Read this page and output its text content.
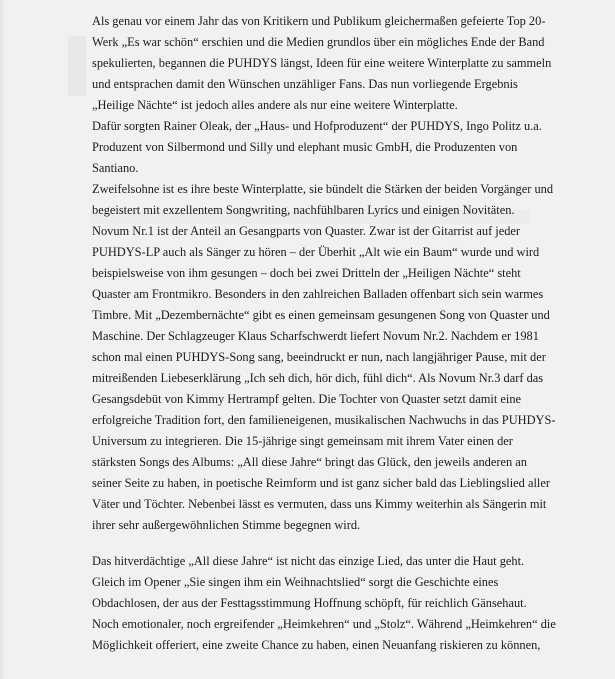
Als genau vor einem Jahr das von Kritikern und Publikum gleichermaßen gefeierte Top 20-
Werk „Es war schön“ erschien und die Medien grundlos über ein mögliches Ende der Band
spekulierten, begannen die PUHDYS längst, Ideen für eine weitere Winterplatte zu sammeln
und entsprachen damit den Wünschen unzähliger Fans. Das nun vorliegende Ergebnis
„Heilige Nächte“ ist jedoch alles andere als nur eine weitere Winterplatte.
Dafür sorgten Rainer Oleak, der „Haus- und Hofproduzent“ der PUHDYS, Ingo Politz u.a.
Produzent von Silbermond und Silly und elephant music GmbH, die Produzenten von
Santiano.
Zweifelsohne ist es ihre beste Winterplatte, sie bündelt die Stärken der beiden Vorgänger und
begeistert mit exzellentem Songwriting, nachfühlbaren Lyrics und einigen Novitäten.
Novum Nr.1 ist der Anteil an Gesangparts von Quaster. Zwar ist der Gitarrist auf jeder
PUHDYS-LP auch als Sänger zu hören – der Überhit „Alt wie ein Baum“ wurde und wird
beispielsweise von ihm gesungen – doch bei zwei Dritteln der „Heiligen Nächte“ steht
Quaster am Frontmikro. Besonders in den zahlreichen Balladen offenbart sich sein warmes
Timbre. Mit „Dezembernächte“ gibt es einen gemeinsam gesungenen Song von Quaster und
Maschine. Der Schlagzeuger Klaus Scharfschwerdt liefert Novum Nr.2. Nachdem er 1981
schon mal einen PUHDYS-Song sang, beeindruckt er nun, nach langjähriger Pause, mit der
mitreißenden Liebeserklärung „Ich seh dich, hör dich, fühl dich“. Als Novum Nr.3 darf das
Gesangsdebüt von Kimmy Hertrampf gelten. Die Tochter von Quaster setzt damit eine
erfolgreiche Tradition fort, den familieneigenen, musikalischen Nachwuchs in das PUHDYS-
Universum zu integrieren. Die 15-jährige singt gemeinsam mit ihrem Vater einen der
stärksten Songs des Albums: „All diese Jahre“ bringt das Glück, den jeweils anderen an
seiner Seite zu haben, in poetische Reimform und ist ganz sicher bald das Lieblingslied aller
Väter und Töchter. Nebenbei lässt es vermuten, dass uns Kimmy weiterhin als Sängerin mit
ihrer sehr außergewöhnlichen Stimme begegnen wird.
Das hitverdächtige „All diese Jahre“ ist nicht das einzige Lied, das unter die Haut geht.
Gleich im Opener „Sie singen ihm ein Weihnachtslied“ sorgt die Geschichte eines
Obdachlosen, der aus der Festtagsstimmung Hoffnung schöpft, für reichlich Gänsehaut.
Noch emotionaler, noch ergreifender „Heimkehren“ und „Stolz“. Während „Heimkehren“ die
Möglichkeit offeriert, eine zweite Chance zu haben, einen Neuanfang riskieren zu können,
